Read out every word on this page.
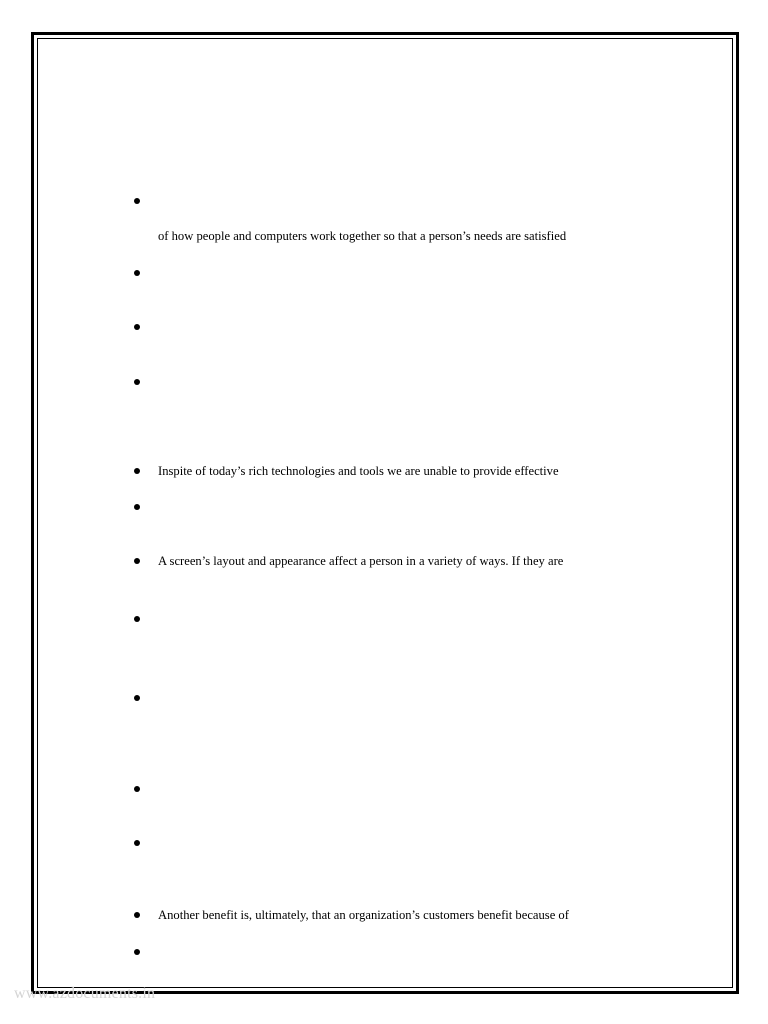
of how people and computers work together so that a person’s needs are satisfied
Inspite of today’s rich technologies and tools we are unable to provide effective
A screen’s layout and appearance affect a person in a variety of ways. If they are
Another benefit is, ultimately, that an organization’s customers benefit because of
www.azdocuments.in
